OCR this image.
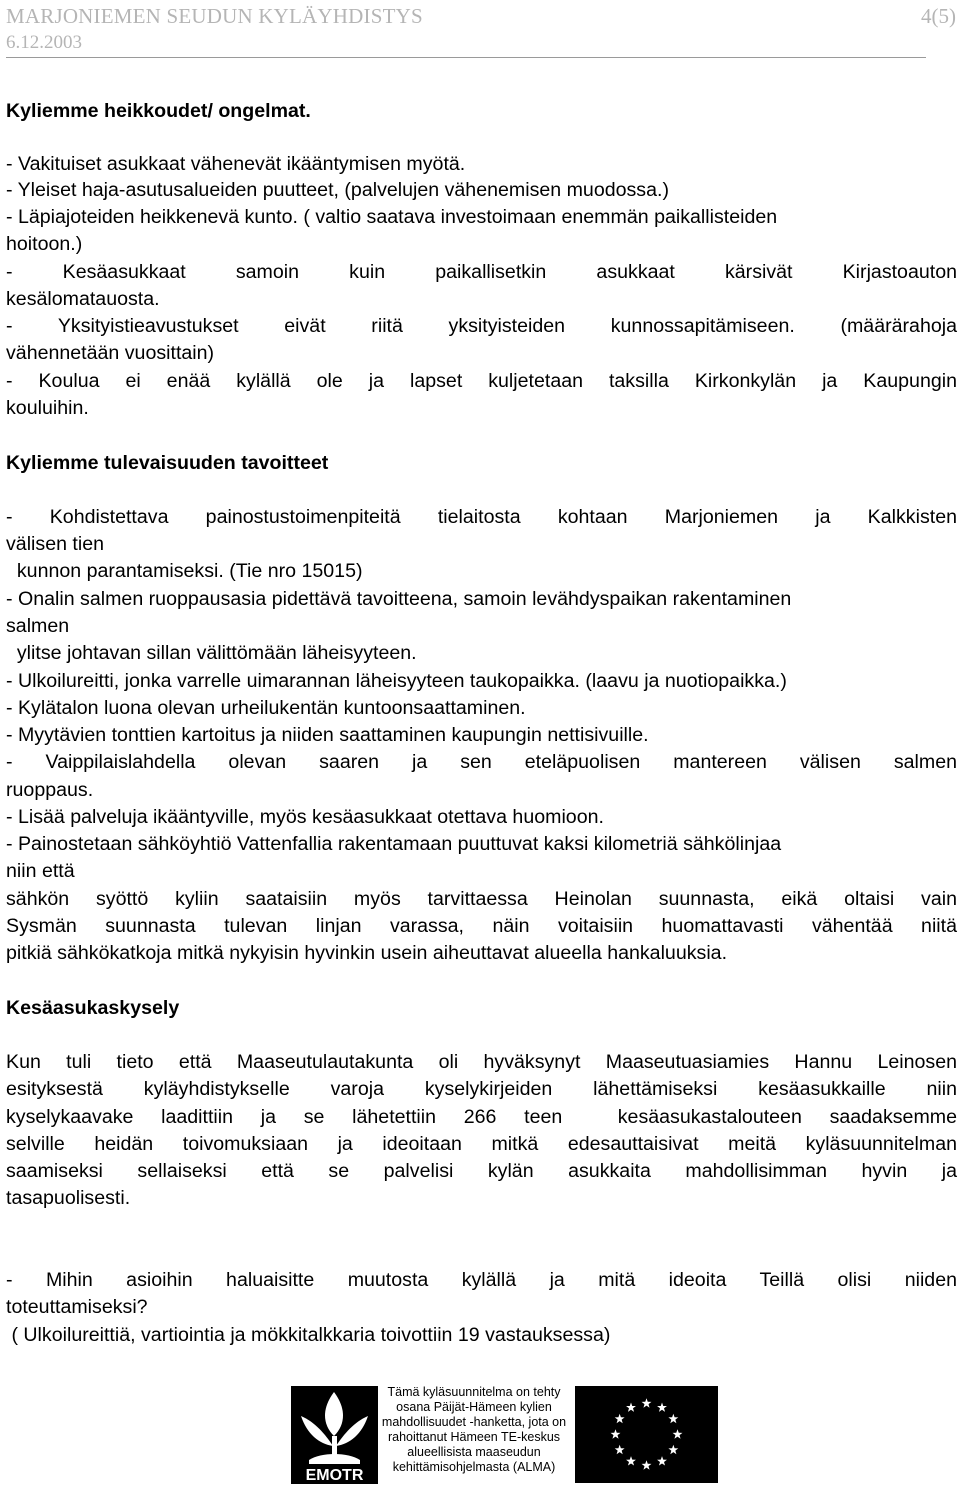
MARJONIEMEN SEUDUN KYLÄYHDISTYS	4(5)
6.12.2003
Kyliemme heikkoudet/ ongelmat.
- Vakituiset asukkaat vähenevät ikääntymisen myötä.
- Yleiset haja-asutusalueiden puutteet, (palvelujen vähenemisen muodossa.)
- Läpiajoteiden heikkenevä kunto. ( valtio saatava investoimaan enemmän paikallisteiden
hoitoon.)
- Kesäasukkaat samoin kuin paikallisetkin asukkaat kärsivät Kirjastoauton
kesälomatauosta.
- Yksityistieavustukset eivät riitä yksityisteiden kunnossapitämiseen. (määrärahoja
vähennetään vuosittain)
- Koulua ei enää kylällä ole ja lapset kuljetetaan taksilla Kirkonkylän ja Kaupungin
kouluihin.
Kyliemme tulevaisuuden tavoitteet
- Kohdistettava painostustoimenpiteitä tielaitosta kohtaan Marjoniemen ja Kalkkisten
välisen tien
kunnon parantamiseksi. (Tie nro 15015)
- Onalin salmen ruoppausasia pidettävä tavoitteena, samoin levähdyspaikan rakentaminen
salmen
ylitse johtavan sillan välittömään läheisyyteen.
- Ulkoilureitti, jonka varrelle uimarannan läheisyyteen taukopaikka. (laavu ja nuotiopaikka.)
- Kylätalon luona olevan urheilukentän kuntoonsaattaminen.
- Myytävien tonttien kartoitus ja niiden saattaminen kaupungin nettisivuille.
- Vaippilaislahdella olevan saaren ja sen eteläpuolisen mantereen välisen salmen
ruoppaus.
- Lisää palveluja ikääntyville, myös kesäasukkaat otettava huomioon.
- Painostetaan sähköyhtiö Vattenfallia rakentamaan puuttuvat kaksi kilometriä sähkölinjaa
niin että
sähkön syöttö kyliin saataisiin myös tarvittaessa Heinolan suunnasta, eikä oltaisi vain
Sysmän suunnasta tulevan linjan varassa, näin voitaisiin huomattavasti vähentää niitä
pitkiä sähkökatkoja mitkä nykyisin hyvinkin usein aiheuttavat alueella hankaluuksia.
Kesäasukaskysely
Kun tuli tieto että Maaseutulautakunta oli hyväksynyt Maaseutuasiamies Hannu Leinosen
esityksestä kyläyhdistykselle varoja kyselykirjeiden lähettämiseksi kesäasukkaille niin
kyselykaavake laadittiin ja se lähetettiin 266 teen  kesäasukastalouteen saadaksemme
selville heidän toivomuksiaan ja ideoitaan mitkä edesauttaisivat meitä kyläsuunnitelman
saamiseksi sellaiseksi että se palvelisi kylän asukkaita mahdollisimman hyvin ja
tasapuolisesti.
- Mihin asioihin haluaisitte muutosta kylällä ja mitä ideoita Teillä olisi niiden
toteuttamiseksi?
( Ulkoilureittiä, vartiointia ja mökkitalkkaria toivottiin 19 vastauksessa)
EMOTR
Tämä kyläsuunnitelma on tehty
osana Päijät-Hämeen kylien
mahdollisuudet -hanketta, jota on
rahoittanut Hämeen TE-keskus
alueellisista maaseudun
kehittämisohjelmasta (ALMA)
